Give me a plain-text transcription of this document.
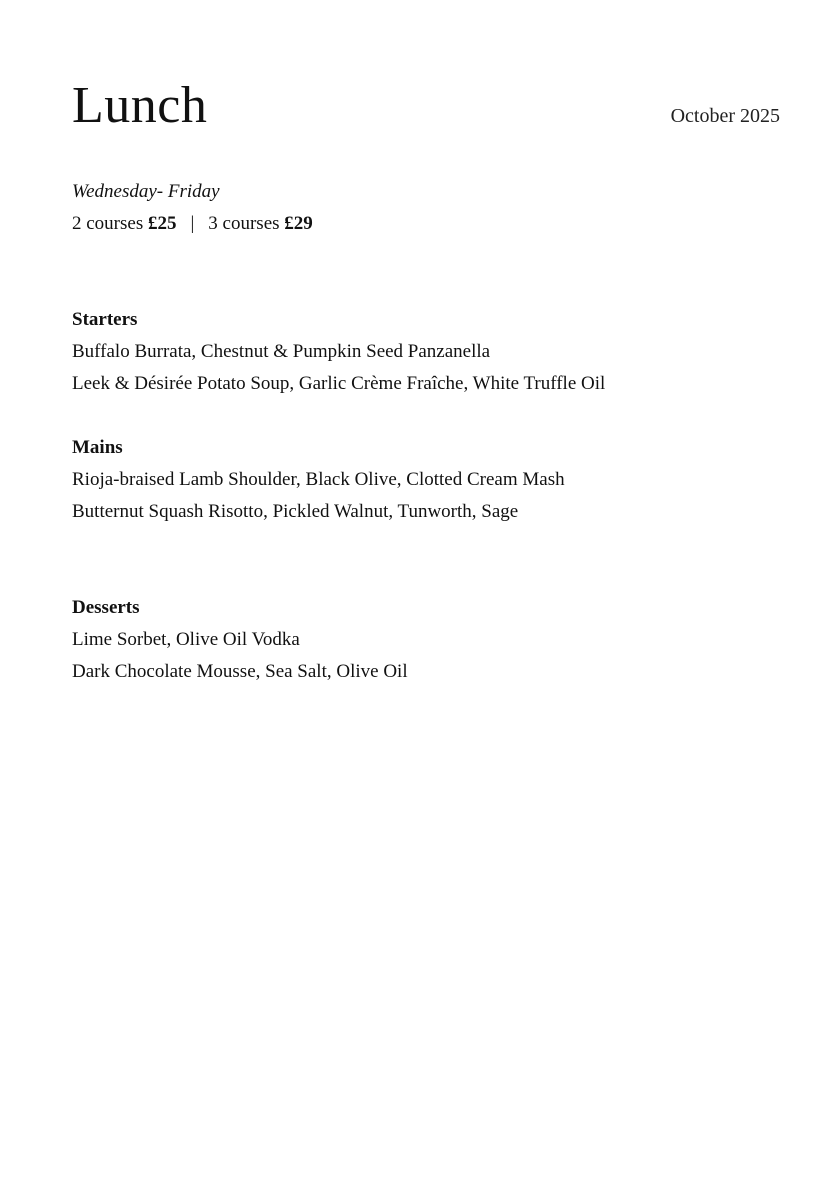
Lunch	October 2025
Wednesday- Friday
2 courses £25 | 3 courses £29
Starters
Buffalo Burrata, Chestnut & Pumpkin Seed Panzanella
Leek & Désirée Potato Soup, Garlic Crème Fraîche, White Truffle Oil
Mains
Rioja-braised Lamb Shoulder, Black Olive, Clotted Cream Mash
Butternut Squash Risotto, Pickled Walnut, Tunworth, Sage
Desserts
Lime Sorbet, Olive Oil Vodka
Dark Chocolate Mousse, Sea Salt, Olive Oil
